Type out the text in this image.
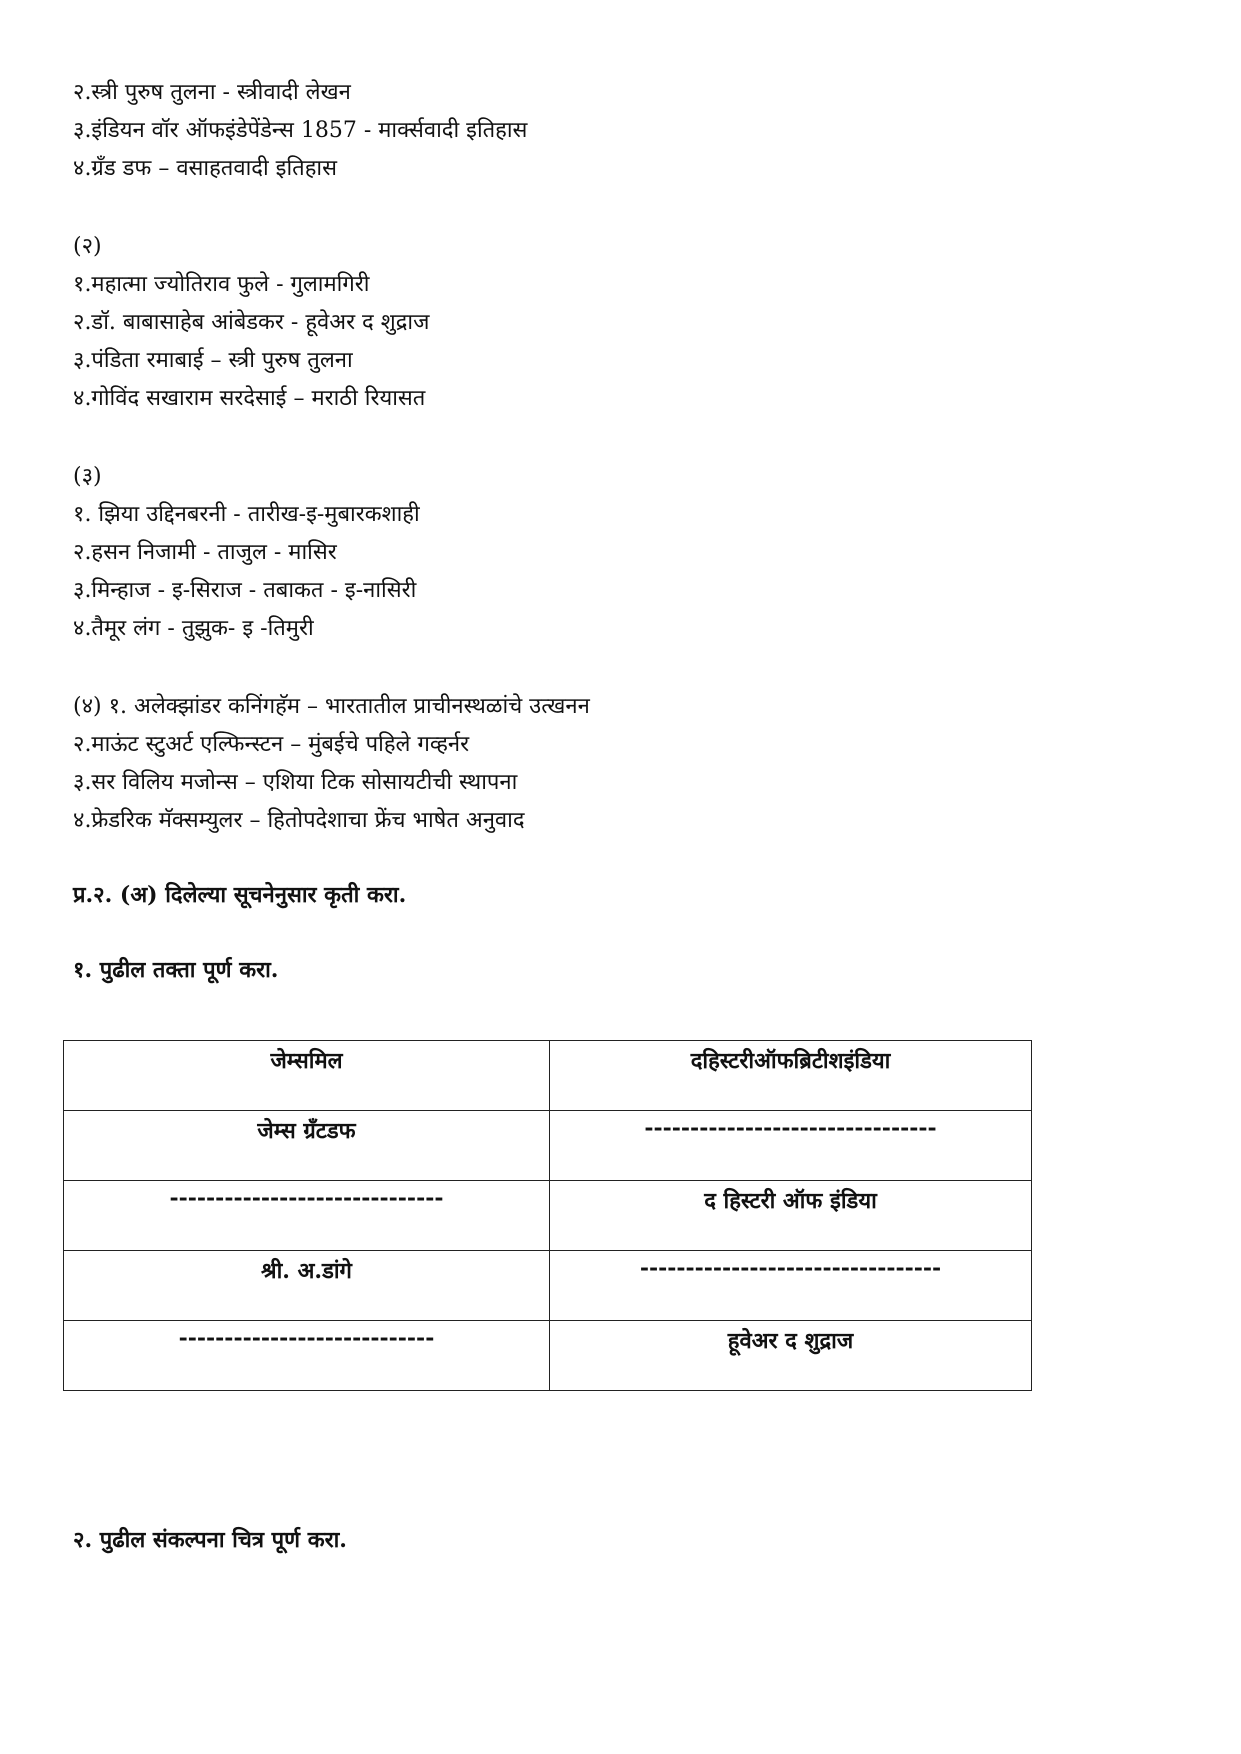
२.स्त्री पुरुष तुलना - स्त्रीवादी लेखन
३.इंडियन वॉर ऑफइंडेपेंडेन्स 1857 - मार्क्सवादी इतिहास
४.ग्रँड डफ – वसाहतवादी इतिहास
(२)
१.महात्मा ज्योतिराव फुले - गुलामगिरी
२.डॉ. बाबासाहेब आंबेडकर - हूवेअर द शुद्राज
३.पंडिता रमाबाई – स्त्री पुरुष तुलना
४.गोविंद सखाराम सरदेसाई – मराठी रियासत
(३)
१. झिया उद्दिनबरनी - तारीख-इ-मुबारकशाही
२.हसन निजामी - ताजुल - मासिर
३.मिन्हाज - इ-सिराज - तबाकत - इ-नासिरी
४.तैमूर लंग - तुझुक- इ -तिमुरी
(४) १. अलेक्झांडर कनिंगहॅम – भारतातील प्राचीनस्थळांचे उत्खनन
२.माऊंट स्टुअर्ट एल्फिन्स्टन – मुंबईचे पहिले गव्हर्नर
३.सर विलिय मजोन्स – एशिया टिक सोसायटीची स्थापना
४.फ्रेडरिक मॅक्सम्युलर – हितोपदेशाचा फ्रेंच भाषेत अनुवाद
प्र.२. (अ) दिलेल्या सूचनेनुसार कृती करा.
१. पुढील तक्ता पूर्ण करा.
जेम्समिल	दहिस्टरीऑफब्रिटीशइंडिया
जेम्स ग्रँटडफ	--------------------------------
------------------------------	द हिस्टरी ऑफ इंडिया
श्री. अ.डांगे	---------------------------------
----------------------------	हूवेअर द शुद्राज
२. पुढील संकल्पना चित्र पूर्ण करा.
